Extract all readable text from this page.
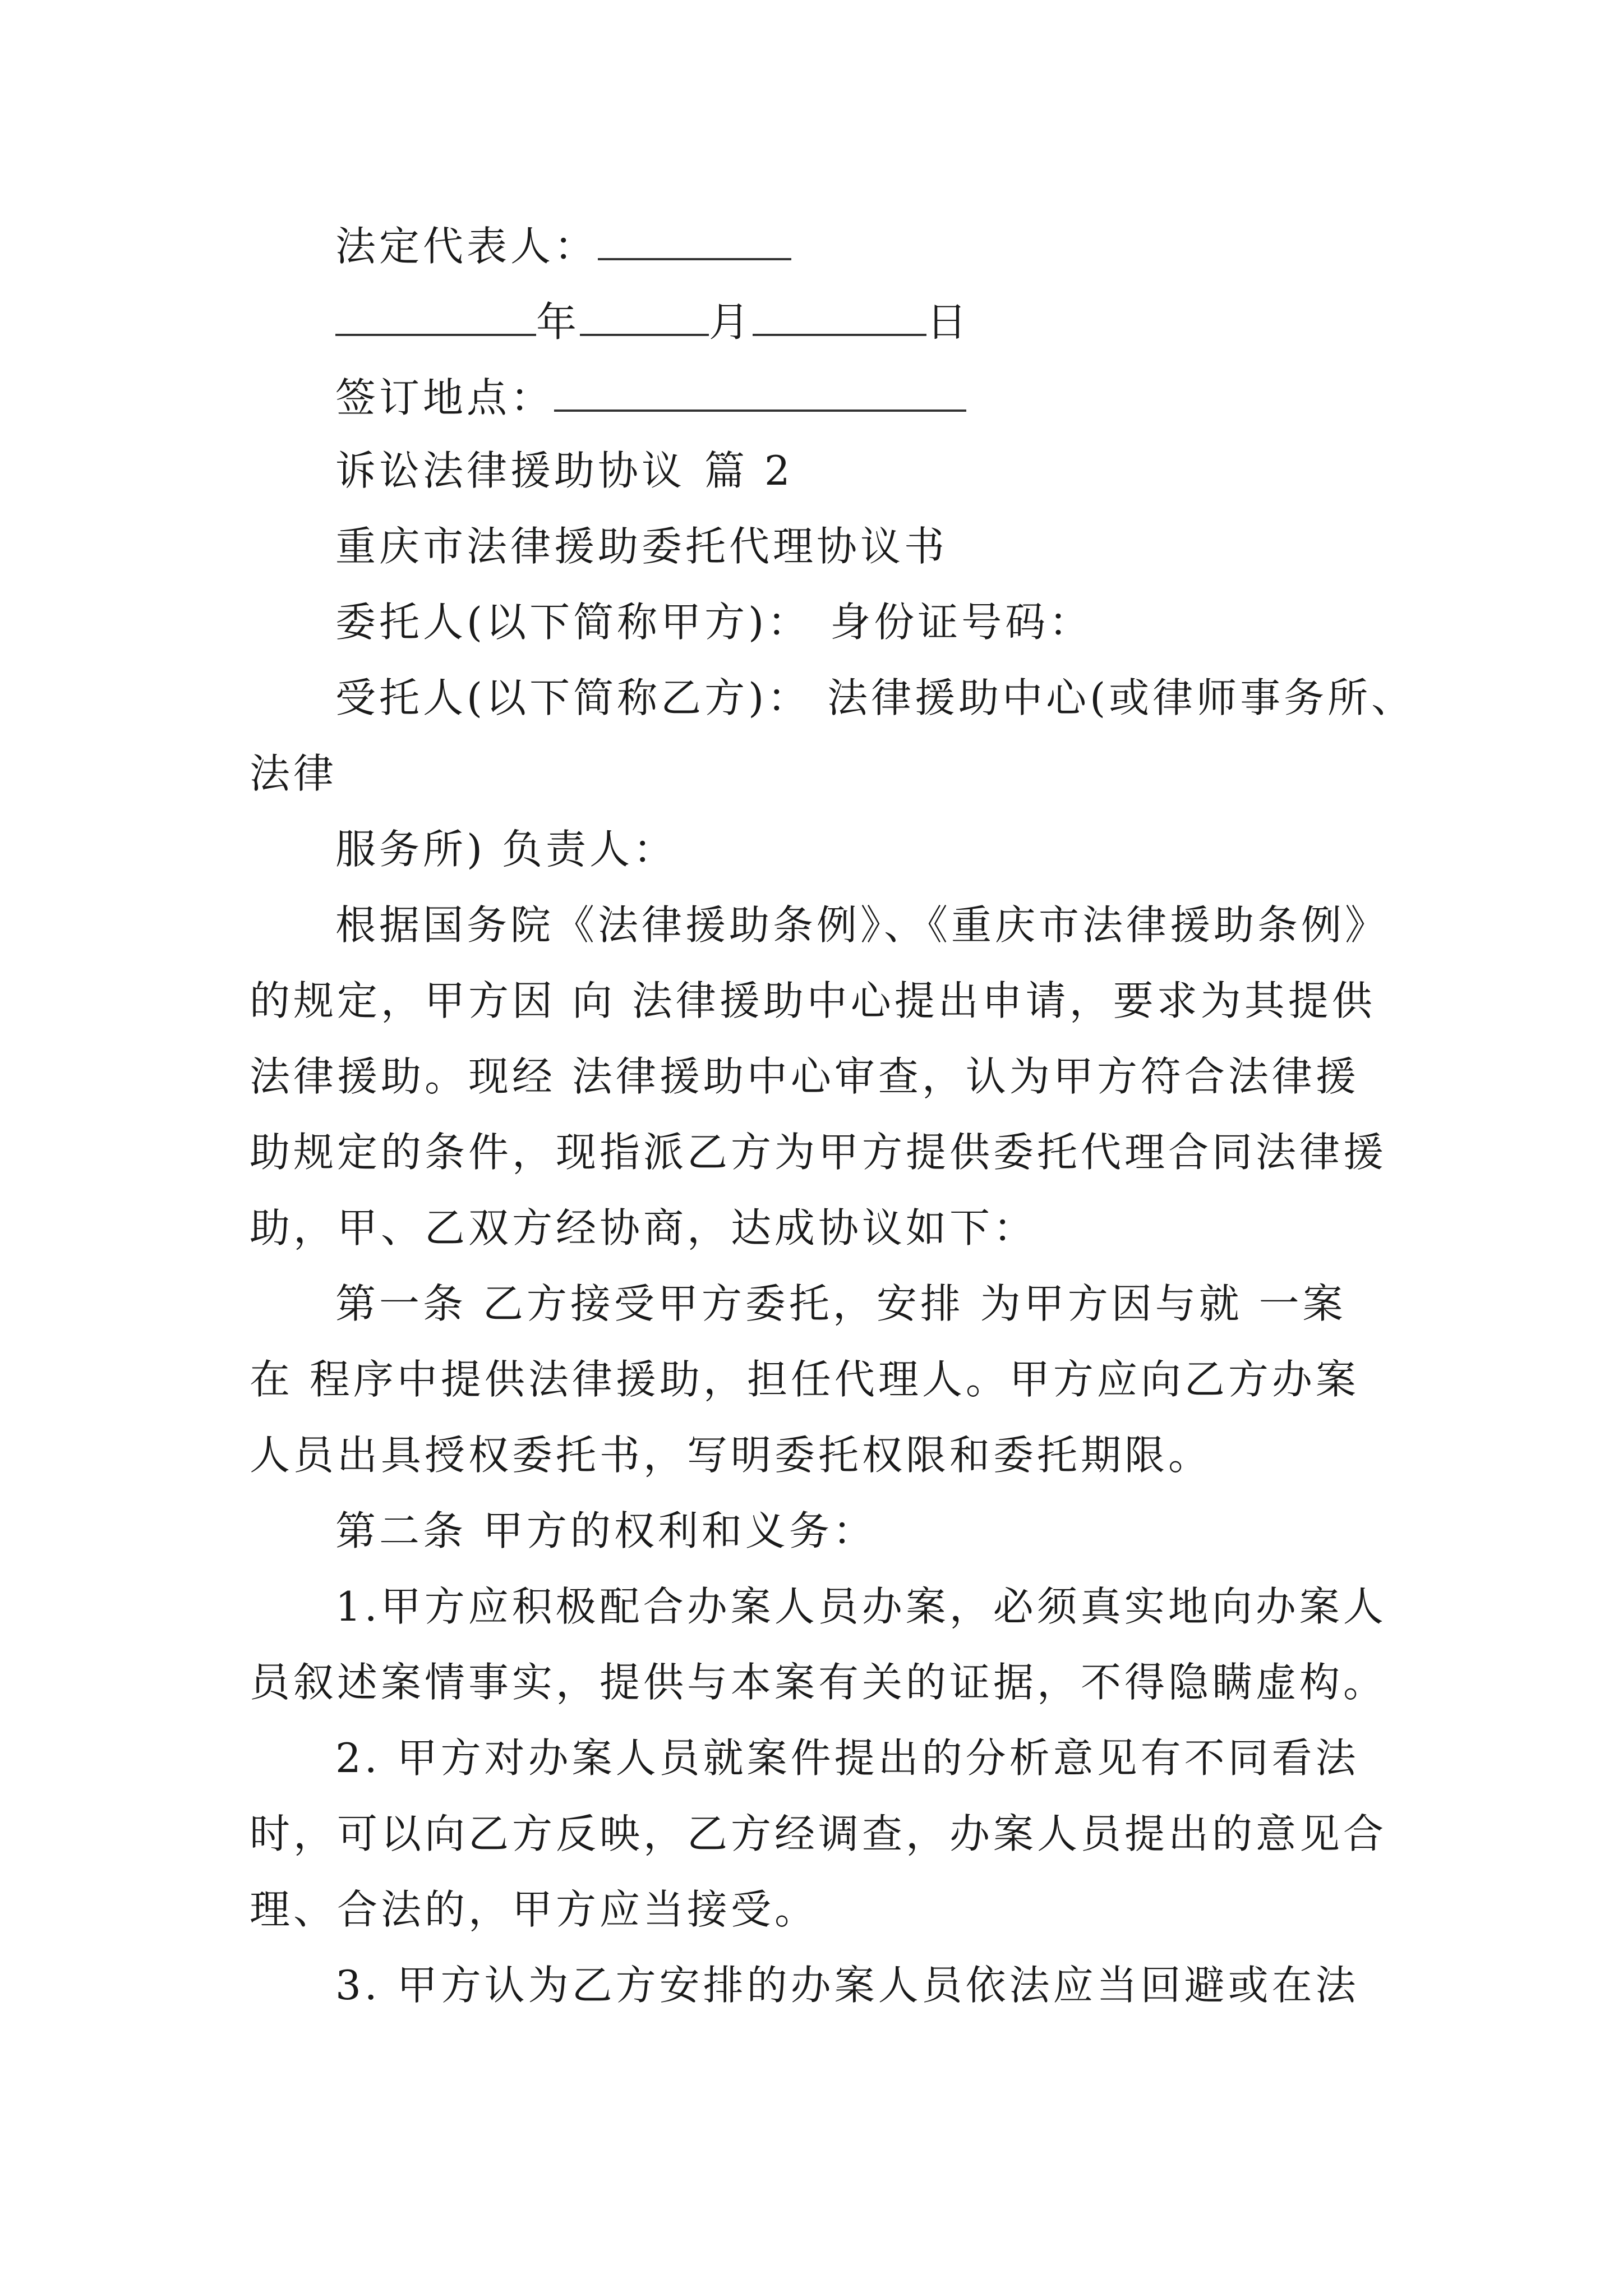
法定代表人：
年	月	日
签订地点：
诉讼法律援助协议 篇 2
重庆市法律援助委托代理协议书
委托人(以下简称甲方)： 身份证号码：
受托人(以下简称乙方)： 法律援助中心(或律师事务所、
法律
服务所) 负责人：
根据国务院《法律援助条例》、《重庆市法律援助条例》
的规定，甲方因 向 法律援助中心提出申请，要求为其提供
法律援助。现经 法律援助中心审查，认为甲方符合法律援
助规定的条件，现指派乙方为甲方提供委托代理合同法律援
助，甲、乙双方经协商，达成协议如下：
第一条 乙方接受甲方委托，安排 为甲方因与就 一案
在 程序中提供法律援助，担任代理人。甲方应向乙方办案
人员出具授权委托书，写明委托权限和委托期限。
第二条 甲方的权利和义务：
1.甲方应积极配合办案人员办案，必须真实地向办案人
员叙述案情事实，提供与本案有关的证据，不得隐瞒虚构。
2. 甲方对办案人员就案件提出的分析意见有不同看法
时，可以向乙方反映，乙方经调查，办案人员提出的意见合
理、合法的，甲方应当接受。
3. 甲方认为乙方安排的办案人员依法应当回避或在法
